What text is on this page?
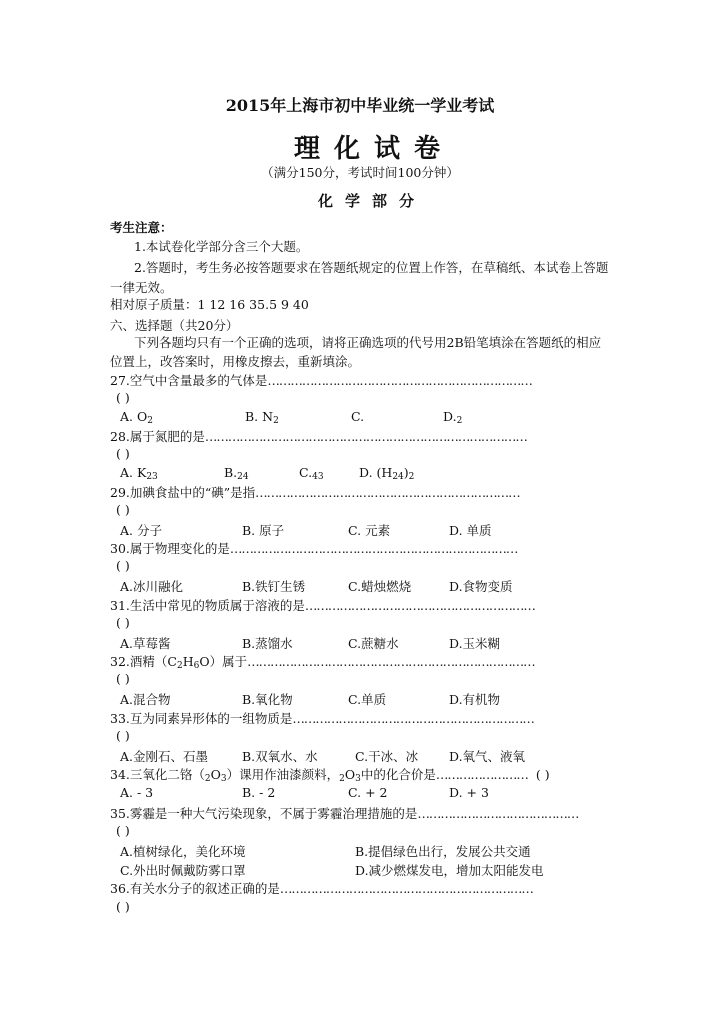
2015年上海市初中毕业统一学业考试
理化试卷
（满分150分，考试时间100分钟）
化学部分
考生注意：
1.本试卷化学部分含三个大题。
2.答题时，考生务必按答题要求在答题纸规定的位置上作答，在草稿纸、本试卷上答题
一律无效。
相对原子质量：1 12 16 35.5 9 40
六、选择题（共20分）
下列各题均只有一个正确的选项，请将正确选项的代号用2B铅笔填涂在答题纸的相应
位置上，改答案时，用橡皮擦去，重新填涂。
27.空气中含量最多的气体是……………………………………………………………
( )
A. $O_2$	B. $N_2$	C.	$D._2$
28.属于氮肥的是…………………………………………………………………………
( )
A. $K_{23}$	$B._{24}$	$C._{43}$	D. $(H_{24})_2$
29.加碘食盐中的“碘”是指……………………………………………………………
( )
A. 分子	B. 原子	C. 元素	D. 单质
30.属于物理变化的是…………………………………………………………………
( )
A.冰川融化	B.铁钉生锈	C.蜡烛燃烧	D.食物变质
31.生活中常见的物质属于溶液的是……………………………………………………
( )
A.草莓酱	B.蒸馏水	C.蔗糖水	D.玉米糊
32.酒精$(C_2H_6O)$属于…………………………………………………………………
( )
A.混合物	B.氧化物	C.单质	D.有机物
33.互为同素异形体的一组物质是………………………………………………………
( )
A.金刚石、石墨	B.双氧水、水	C.干冰、冰 D.氧气、液氧
34.三氧化二铬$(_2O_3)$课用作油漆颜料，$_2O_3$中的化合价是…………………… ( )
A. - 3	B. - 2	C. + 2	D. + 3
35.雾霾是一种大气污染现象，不属于雾霾治理措施的是……………………………………
( )
A.植树绿化，美化环境	B.提倡绿色出行，发展公共交通
C.外出时佩戴防雾口罩	D.减少燃煤发电，增加太阳能发电
36.有关水分子的叙述正确的是…………………………………………………………
( )
